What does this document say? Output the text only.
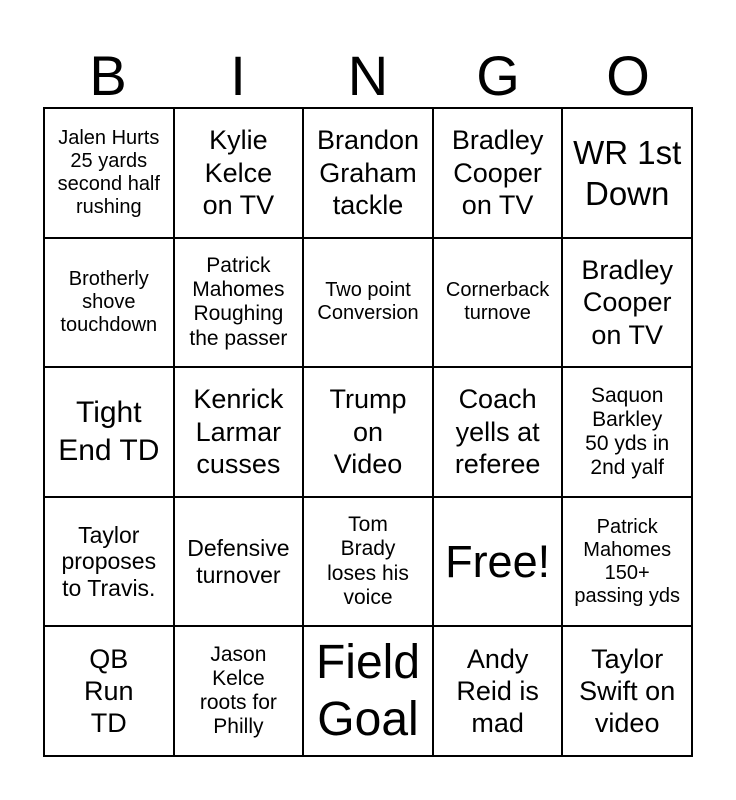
B	I	N	G	O
Jalen Hurts
25 yards
second half
rushing
Kylie
Kelce
on TV
Brandon
Graham
tackle
Bradley
Cooper
on TV
WR 1st
Down
Brotherly
shove
touchdown
Patrick
Mahomes
Roughing
the passer
Two point
Conversion
Cornerback
turnove
Bradley
Cooper
on TV
Tight
End TD
Kenrick
Larmar
cusses
Trump
on
Video
Coach
yells at
referee
Saquon
Barkley
50 yds in
2nd yalf
Taylor
proposes
to Travis.
Defensive
turnover
Tom
Brady
loses his
voice
Free!
Patrick
Mahomes
150+
passing yds
QB
Run
TD
Jason
Kelce
roots for
Philly
Field
Goal
Andy
Reid is
mad
Taylor
Swift on
video
